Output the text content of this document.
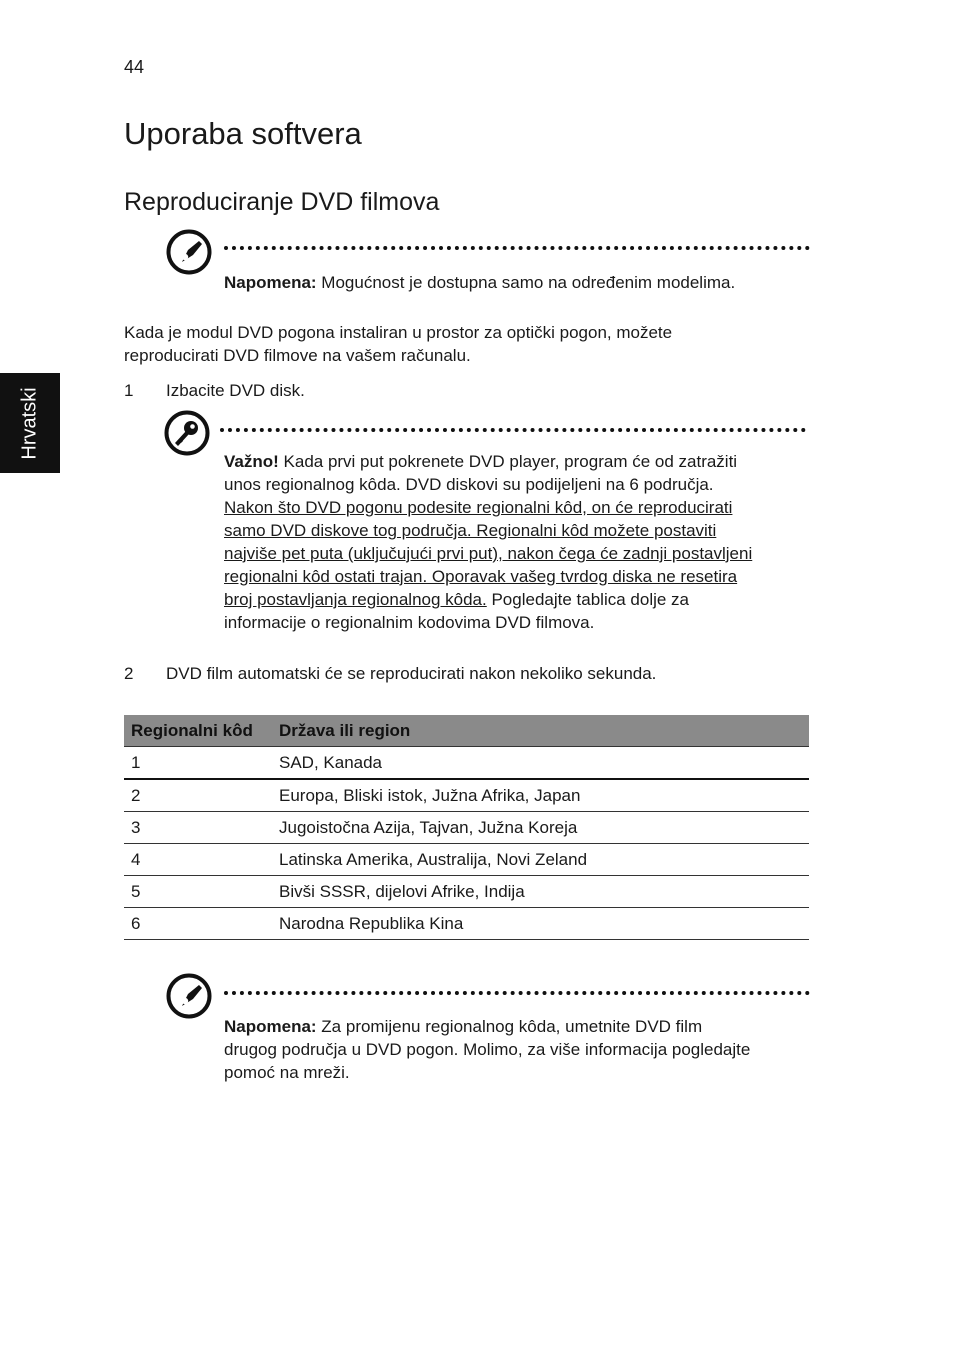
44
Uporaba softvera
Reproduciranje DVD filmova
Hrvatski
Napomena: Mogućnost je dostupna samo na određenim modelima.
Kada je modul DVD pogona instaliran u prostor za optički pogon, možete
reproducirati DVD filmove na vašem računalu.
1 Izbacite DVD disk.
Važno! Kada prvi put pokrenete DVD player, program će od zatražiti
unos regionalnog kôda. DVD diskovi su podijeljeni na 6 područja.
Nakon što DVD pogonu podesite regionalni kôd, on će reproducirati
samo DVD diskove tog područja. Regionalni kôd možete postaviti
najviše pet puta (uključujući prvi put), nakon čega će zadnji postavljeni
regionalni kôd ostati trajan. Oporavak vašeg tvrdog diska ne resetira
broj postavljanja regionalnog kôda. Pogledajte tablica dolje za
informacije o regionalnim kodovima DVD filmova.
2 DVD film automatski će se reproducirati nakon nekoliko sekunda.
Regionalni kôd	Država ili region
1	SAD, Kanada
2	Europa, Bliski istok, Južna Afrika, Japan
3	Jugoistočna Azija, Tajvan, Južna Koreja
4	Latinska Amerika, Australija, Novi Zeland
5	Bivši SSSR, dijelovi Afrike, Indija
6	Narodna Republika Kina
Napomena: Za promijenu regionalnog kôda, umetnite DVD film
drugog područja u DVD pogon. Molimo, za više informacija pogledajte
pomoć na mreži.
